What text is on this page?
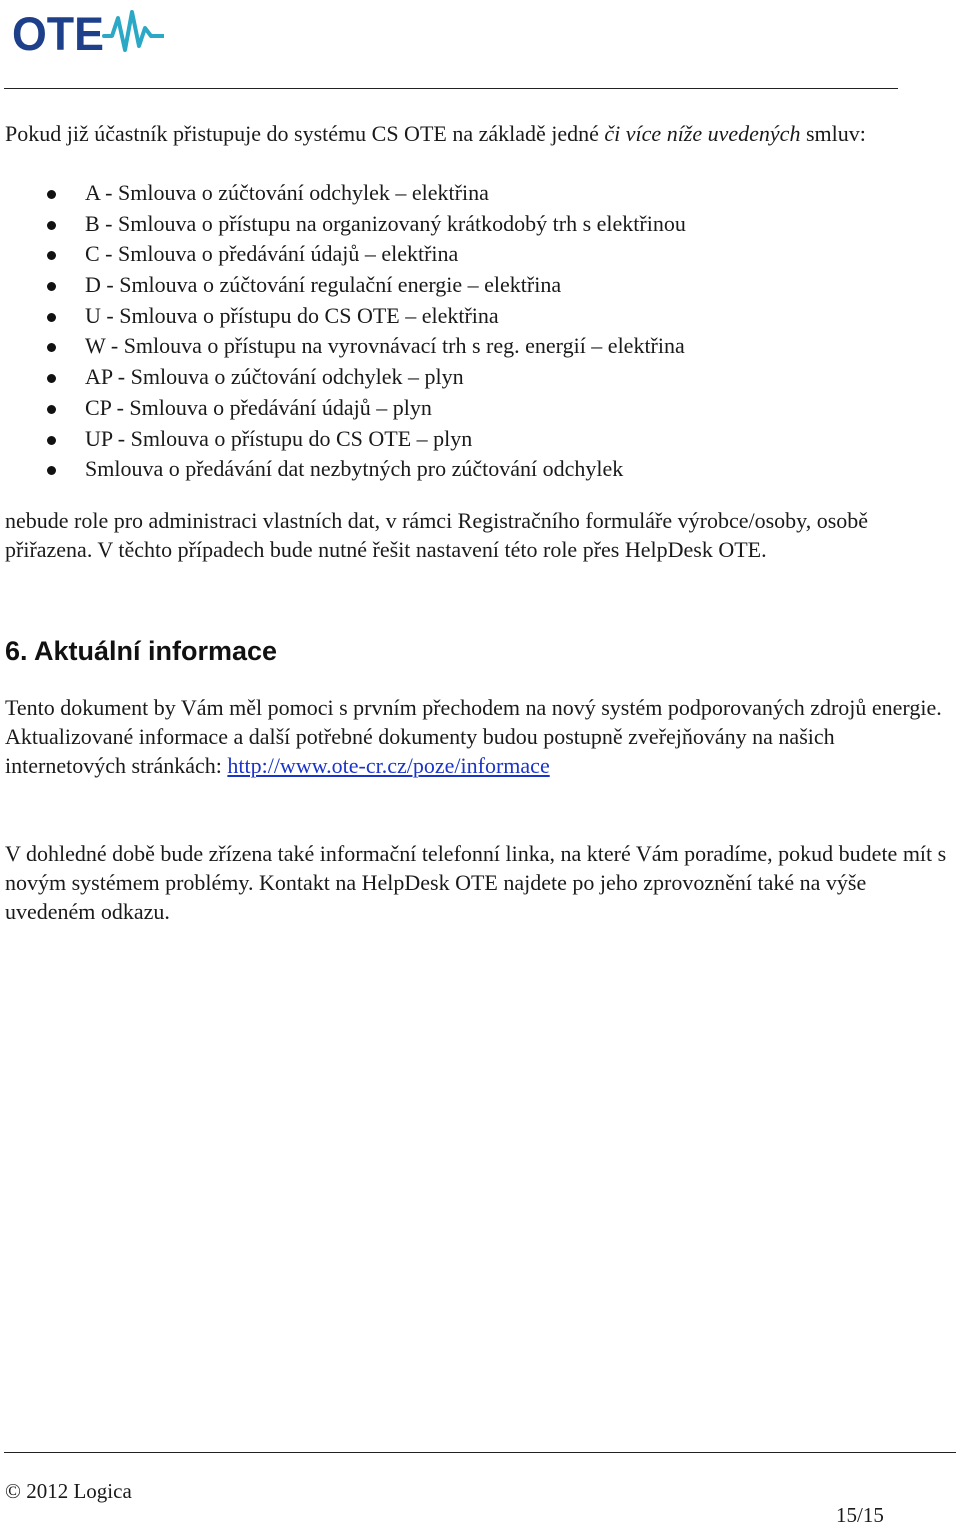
OTE

Pokud již účastník přistupuje do systému CS OTE na základě jedné či více níže uvedených smluv:

A - Smlouva o zúčtování odchylek – elektřina
B - Smlouva o přístupu na organizovaný krátkodobý trh s elektřinou
C - Smlouva o předávání údajů – elektřina
D - Smlouva o zúčtování regulační energie – elektřina
U - Smlouva o přístupu do CS OTE – elektřina
W - Smlouva o přístupu na vyrovnávací trh s reg. energií – elektřina
AP - Smlouva o zúčtování odchylek – plyn
CP - Smlouva o předávání údajů – plyn
UP - Smlouva o přístupu do CS OTE – plyn
Smlouva o předávání dat nezbytných pro zúčtování odchylek

nebude role pro administraci vlastních dat, v rámci Registračního formuláře výrobce/osoby, osobě přiřazena. V těchto případech bude nutné řešit nastavení této role přes HelpDesk OTE.

6. Aktuální informace

Tento dokument by Vám měl pomoci s prvním přechodem na nový systém podporovaných zdrojů energie. Aktualizované informace a další potřebné dokumenty budou postupně zveřejňovány na našich internetových stránkách: http://www.ote-cr.cz/poze/informace

V dohledné době bude zřízena také informační telefonní linka, na které Vám poradíme, pokud budete mít s novým systémem problémy. Kontakt na HelpDesk OTE najdete po jeho zprovoznění také na výše uvedeném odkazu.

© 2012 Logica

15/15
